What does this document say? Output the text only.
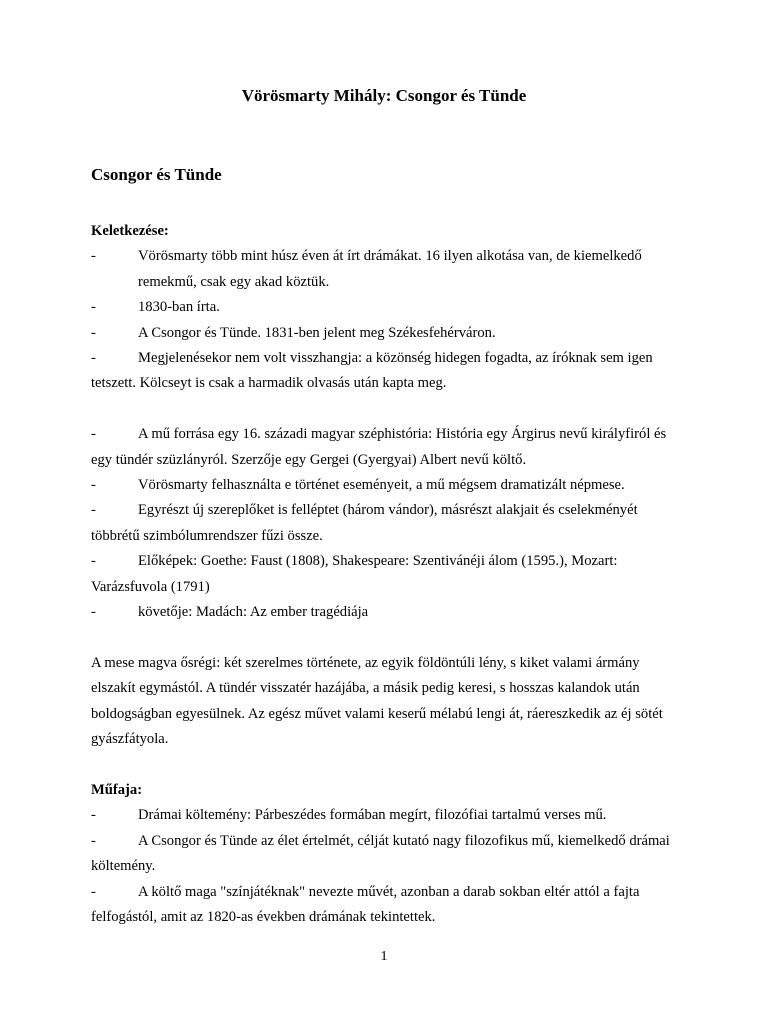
Vörösmarty Mihály: Csongor és Tünde
Csongor és Tünde

Keletkezése:

-	Vörösmarty több mint húsz éven át írt drámákat. 16 ilyen alkotása van, de kiemelkedő remekmű, csak egy akad köztük.

-	1830-ban írta.

-	A Csongor és Tünde. 1831-ben jelent meg Székesfehérváron.

-	Megjelenésekor nem volt visszhangja: a közönség hidegen fogadta, az íróknak sem igen tetszett. Kölcseyt is csak a harmadik olvasás után kapta meg.

-	A mű forrása egy 16. századi magyar széphistória: História egy Árgirus nevű királyfiról és egy tündér szüzlányról. Szerzője egy Gergei (Gyergyai) Albert nevű költő.

-	Vörösmarty felhasználta e történet eseményeit, a mű mégsem dramatizált népmese.

-	Egyrészt új szereplőket is felléptet (három vándor), másrészt alakjait és cselekményét többrétű szimbólumrendszer fűzi össze.

-	Előképek: Goethe: Faust (1808), Shakespeare: Szentivánéji álom (1595.), Mozart: Varázsfuvola (1791)

-	követője: Madách: Az ember tragédiája

A mese magva ősrégi: két szerelmes története, az egyik földöntúli lény, s kiket valami ármány elszakít egymástól. A tündér visszatér hazájába, a másik pedig keresi, s hosszas kalandok után boldogságban egyesülnek. Az egész művet valami keserű mélabú lengi át, ráereszkedik az éj sötét gyászfátyola.

Műfaja:

-	Drámai költemény: Párbeszédes formában megírt, filozófiai tartalmú verses mű.

-	A Csongor és Tünde az élet értelmét, célját kutató nagy filozofikus mű, kiemelkedő drámai költemény.

-	A költő maga "színjátéknak" nevezte művét, azonban a darab sokban eltér attól a fajta felfogástól, amit az 1820-as években drámának tekintettek.

1
